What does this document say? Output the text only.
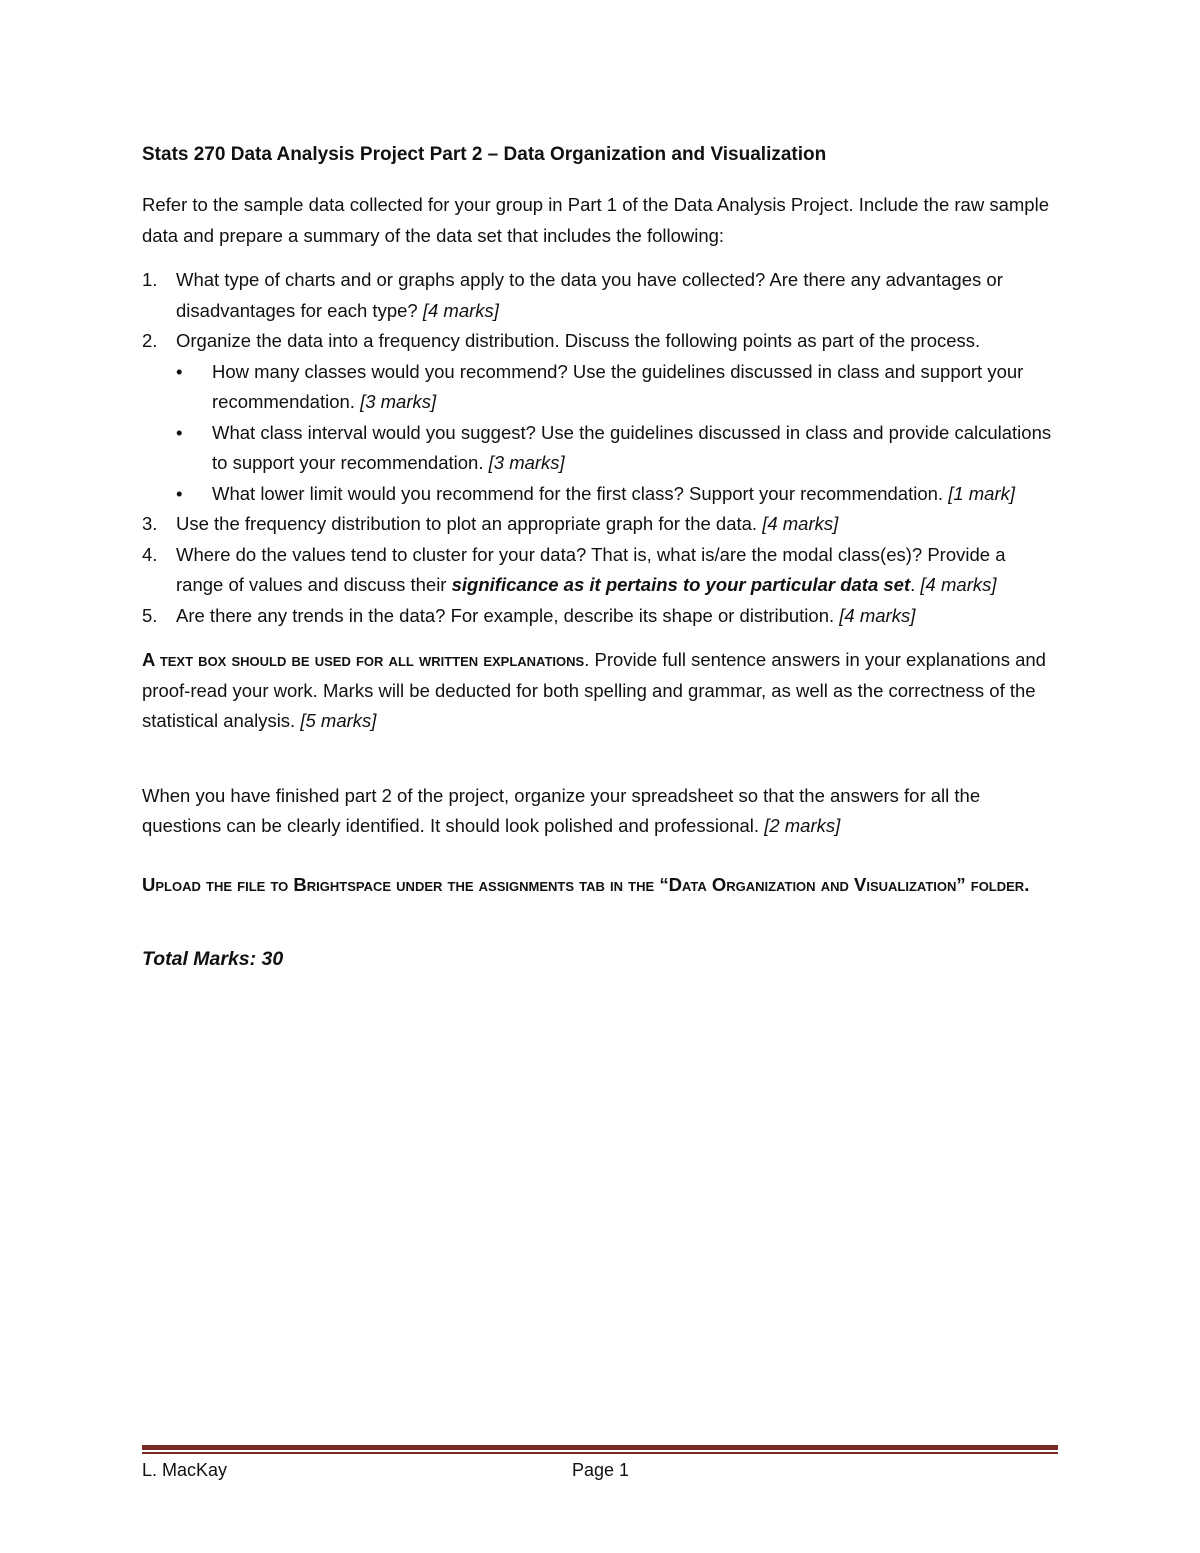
Stats 270 Data Analysis Project Part 2 – Data Organization and Visualization

Refer to the sample data collected for your group in Part 1 of the Data Analysis Project. Include the raw sample data and prepare a summary of the data set that includes the following:

1. What type of charts and or graphs apply to the data you have collected? Are there any advantages or disadvantages for each type? [4 marks]
2. Organize the data into a frequency distribution. Discuss the following points as part of the process.
•	How many classes would you recommend? Use the guidelines discussed in class and support your recommendation. [3 marks]
•	What class interval would you suggest? Use the guidelines discussed in class and provide calculations to support your recommendation. [3 marks]
•	What lower limit would you recommend for the first class? Support your recommendation. [1 mark]
3. Use the frequency distribution to plot an appropriate graph for the data. [4 marks]
4. Where do the values tend to cluster for your data? That is, what is/are the modal class(es)? Provide a range of values and discuss their significance as it pertains to your particular data set. [4 marks]
5. Are there any trends in the data? For example, describe its shape or distribution. [4 marks]

A text box should be used for all written explanations. Provide full sentence answers in your explanations and proof-read your work. Marks will be deducted for both spelling and grammar, as well as the correctness of the statistical analysis. [5 marks]

When you have finished part 2 of the project, organize your spreadsheet so that the answers for all the questions can be clearly identified. It should look polished and professional. [2 marks]

Upload the file to Brightspace under the assignments tab in the “Data Organization and Visualization” folder.

Total Marks: 30

L. MacKay	Page 1
